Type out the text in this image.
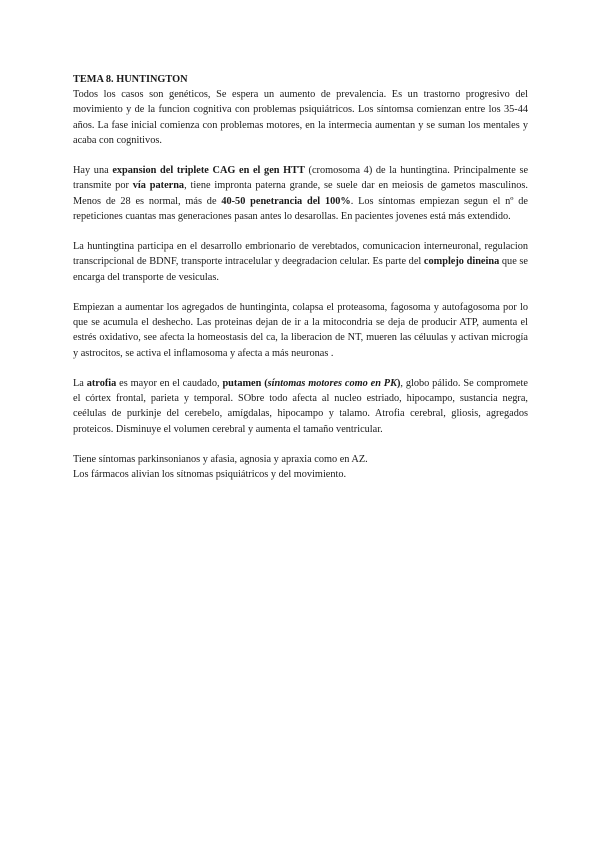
TEMA 8. HUNTINGTON

Todos los casos son genéticos, Se espera un aumento de prevalencia. Es un trastorno progresivo del movimiento y de la funcion cognitiva con problemas psiquiátricos. Los síntomsa comienzan entre los 35-44 años. La fase inicial comienza con problemas motores, en la intermecia aumentan y se suman los mentales y acaba con cognitivos.

Hay una expansion del triplete CAG en el gen HTT (cromosoma 4) de la huntingtina. Principalmente se transmite por vía paterna, tiene impronta paterna grande, se suele dar en meiosis de gametos masculinos. Menos de 28 es normal, más de 40-50 penetrancia del 100%. Los síntomas empiezan segun el nº de repeticiones cuantas mas generaciones pasan antes lo desarollas. En pacientes jovenes está más extendido.

La huntingtina participa en el desarrollo embrionario de verebtados, comunicacion interneuronal, regulacion transcripcional de BDNF, transporte intracelular y deegradacion celular. Es parte del complejo dineina que se encarga del transporte de vesiculas.

Empiezan a aumentar los agregados de huntinginta, colapsa el proteasoma, fagosoma y autofagosoma por lo que se acumula el deshecho. Las proteinas dejan de ir a la mitocondria se deja de producir ATP, aumenta el estrés oxidativo, see afecta la homeostasis del ca, la liberacion de NT, mueren las céluulas y activan microgía y astrocitos, se activa el inflamosoma y afecta a más neuronas .

La atrofia es mayor en el caudado, putamen (síntomas motores como en PK), globo pálido. Se compromete el córtex frontal, parieta y temporal. SObre todo afecta al nucleo estriado, hipocampo, sustancia negra, ceélulas de purkinje del cerebelo, amígdalas, hipocampo y talamo. Atrofia cerebral, gliosis, agregados proteicos. Disminuye el volumen cerebral y aumenta el tamaño ventricular.

Tiene síntomas parkinsonianos y afasia, agnosia y apraxia como en AZ.
Los fármacos alivian los sítnomas psiquiátricos y del movimiento.
